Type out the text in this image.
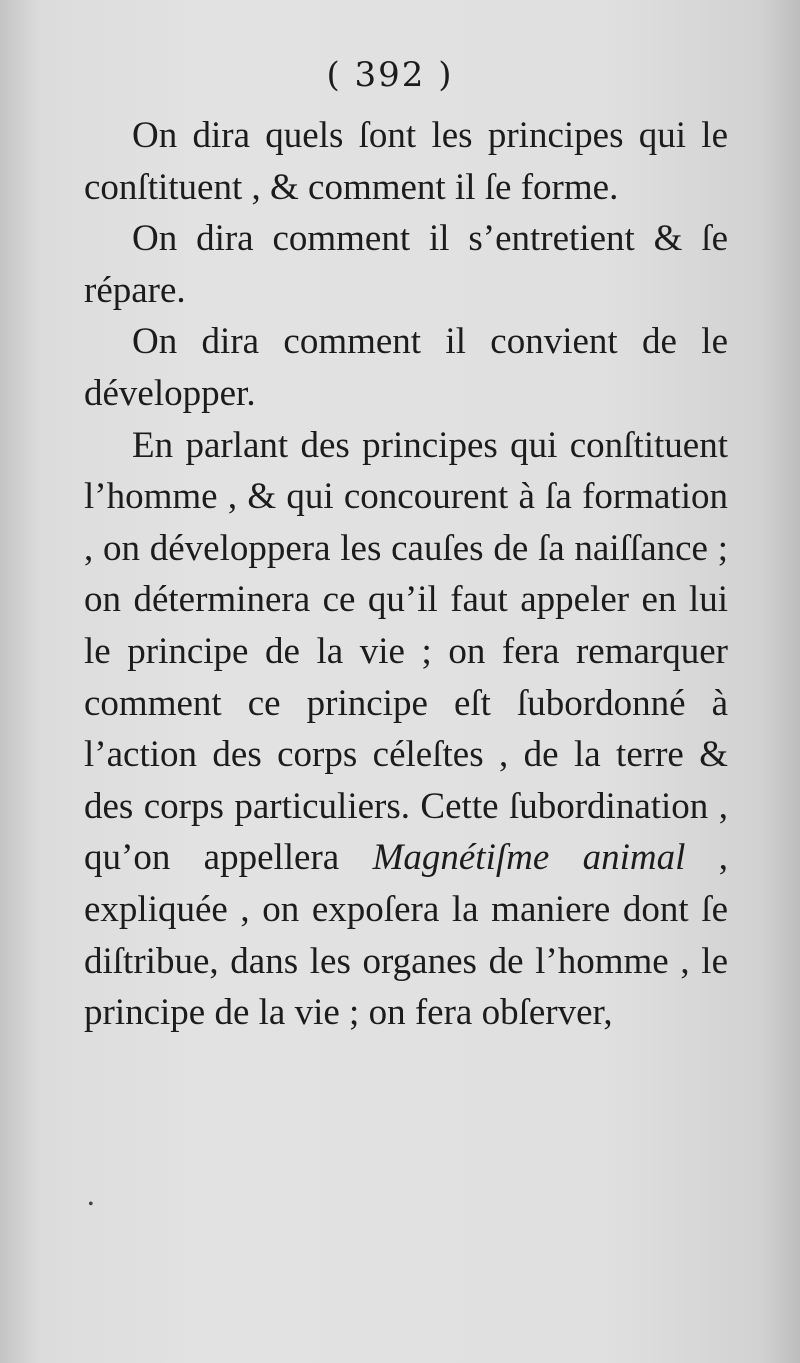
( 392 )

On dira quels ſont les principes qui le conſtituent , & comment il ſe forme.

On dira comment il s’entretient & ſe répare.

On dira comment il convient de le développer.

En parlant des principes qui conſtituent l’homme , & qui concourent à ſa formation , on développera les cauſes de ſa naiſſance ; on déterminera ce qu’il faut appeler en lui le principe de la vie ; on fera remarquer comment ce principe eſt ſubordonné à l’action des corps céleſtes , de la terre & des corps particuliers. Cette ſubordination , qu’on appellera Magnétiſme animal , expliquée , on expoſera la maniere dont ſe diſtribue, dans les organes de l’homme , le principe de la vie ; on fera obſerver,

•
